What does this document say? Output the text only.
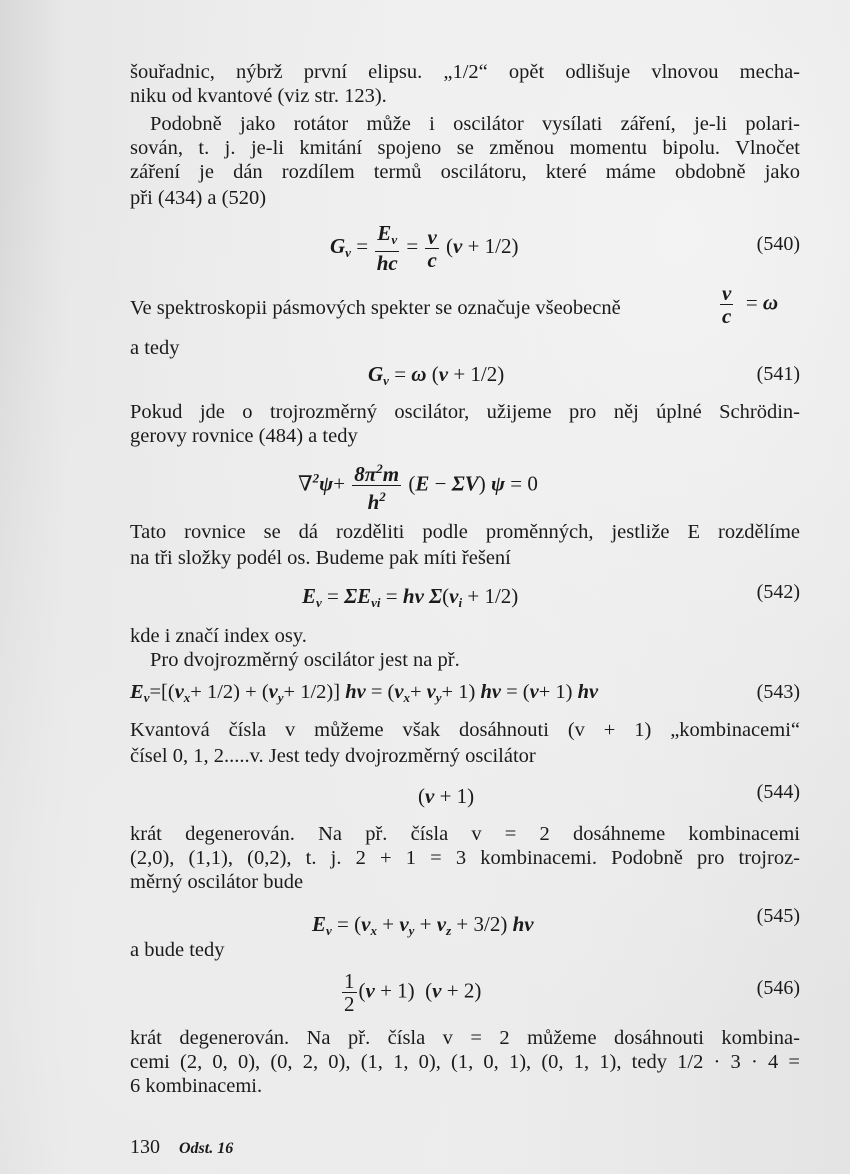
šouřadnic, nýbrž první elipsu. „1/2“ opět odlišuje vlnovou mecha-
niku od kvantové (viz str. 123).
Podobně jako rotátor může i oscilátor vysílati záření, je-li polari-
sován, t. j. je-li kmitání spojeno se změnou momentu bipolu. Vlnočet
záření je dán rozdílem termů oscilátoru, které máme obdobně jako
při (434) a (520)
$G_v = \frac{E_v}{hc} = \frac{\nu}{c} (v + 1/2)$	(540)
Ve spektroskopii pásmových spekter se označuje všeobecně	$\frac{\nu}{c} = \omega$
a tedy
$G_v = \omega$ (v + 1/2)	(541)
Pokud jde o trojrozměrný oscilátor, užijeme pro něj úplné Schrödin-
gerovy rovnice (484) a tedy
$\nabla^2\psi+ \frac{8\pi^2m}{h^2} (E - \Sigma V) \psi = 0$
Tato rovnice se dá rozděliti podle proměnných, jestliže E rozdělíme
na tři složky podél os. Budeme pak míti řešení
$E_v = \Sigma E_{vi} = h\nu$ $\Sigma(v_i + 1/2)$	(542)
kde i značí index osy.
Pro dvojrozměrný oscilátor jest na př.
$E_v=[(v_x+ 1/2) + (v_y+ 1/2)] h\nu = (v_x+ v_y+ 1) h\nu = (v+ 1)$ hν	(543)
Kvantová čísla v můžeme však dosáhnouti (v + 1) „kombinacemi“
čísel 0, 1, 2.....v. Jest tedy dvojrozměrný oscilátor
(v + 1)	(544)
krát degenerován. Na př. čísla v = 2 dosáhneme kombinacemi
(2,0), (1,1), (0,2), t. j. 2 + 1 = 3 kombinacemi. Podobně pro trojroz-
měrný oscilátor bude
$E_v = (v_x + v_y + v_z + 3/2)$ hν	(545)
a bude tedy
$\frac{1}{2} (v + 1) (v + 2)$	(546)
krát degenerován. Na př. čísla v = 2 můžeme dosáhnouti kombina-
cemi (2, 0, 0), (0, 2, 0), (1, 1, 0), (1, 0, 1), (0, 1, 1), tedy 1/2 · 3 · 4 =
6 kombinacemi.
130 Odst. 16
